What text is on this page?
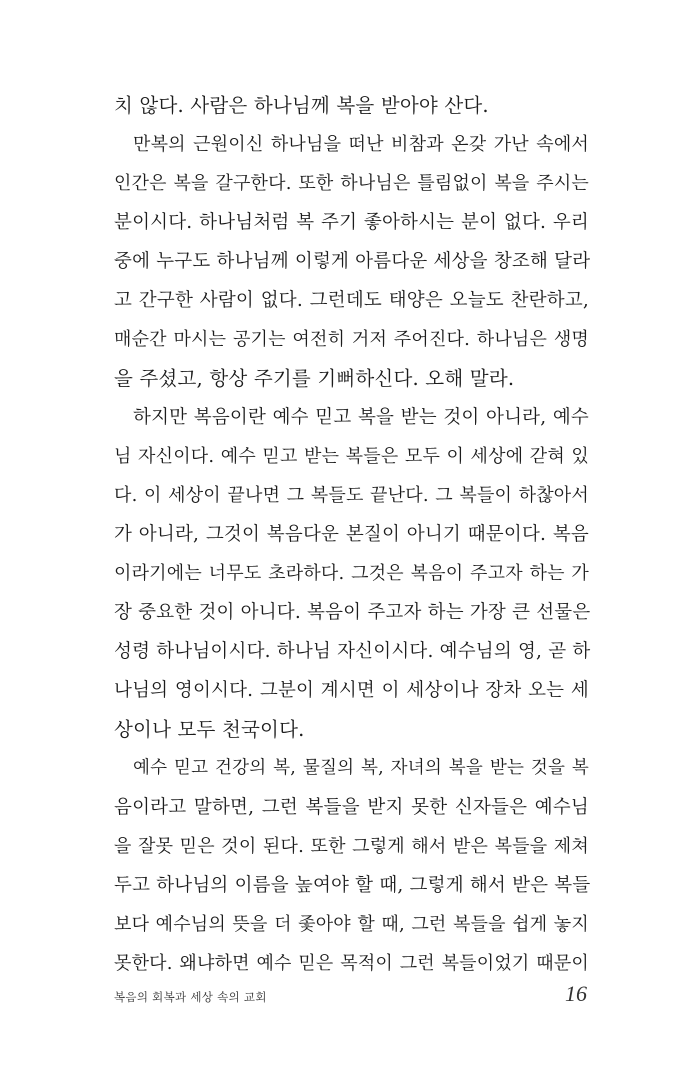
치 않다. 사람은 하나님께 복을 받아야 산다.
만복의 근원이신 하나님을 떠난 비참과 온갖 가난 속에서
인간은 복을 갈구한다. 또한 하나님은 틀림없이 복을 주시는
분이시다. 하나님처럼 복 주기 좋아하시는 분이 없다. 우리
중에 누구도 하나님께 이렇게 아름다운 세상을 창조해 달라
고 간구한 사람이 없다. 그런데도 태양은 오늘도 찬란하고,
매순간 마시는 공기는 여전히 거저 주어진다. 하나님은 생명
을 주셨고, 항상 주기를 기뻐하신다. 오해 말라.
하지만 복음이란 예수 믿고 복을 받는 것이 아니라, 예수
님 자신이다. 예수 믿고 받는 복들은 모두 이 세상에 갇혀 있
다. 이 세상이 끝나면 그 복들도 끝난다. 그 복들이 하찮아서
가 아니라, 그것이 복음다운 본질이 아니기 때문이다. 복음
이라기에는 너무도 초라하다. 그것은 복음이 주고자 하는 가
장 중요한 것이 아니다. 복음이 주고자 하는 가장 큰 선물은
성령 하나님이시다. 하나님 자신이시다. 예수님의 영, 곧 하
나님의 영이시다. 그분이 계시면 이 세상이나 장차 오는 세
상이나 모두 천국이다.
예수 믿고 건강의 복, 물질의 복, 자녀의 복을 받는 것을 복
음이라고 말하면, 그런 복들을 받지 못한 신자들은 예수님
을 잘못 믿은 것이 된다. 또한 그렇게 해서 받은 복들을 제쳐
두고 하나님의 이름을 높여야 할 때, 그렇게 해서 받은 복들
보다 예수님의 뜻을 더 좇아야 할 때, 그런 복들을 쉽게 놓지
못한다. 왜냐하면 예수 믿은 목적이 그런 복들이었기 때문이
복음의 회복과 세상 속의 교회	16
